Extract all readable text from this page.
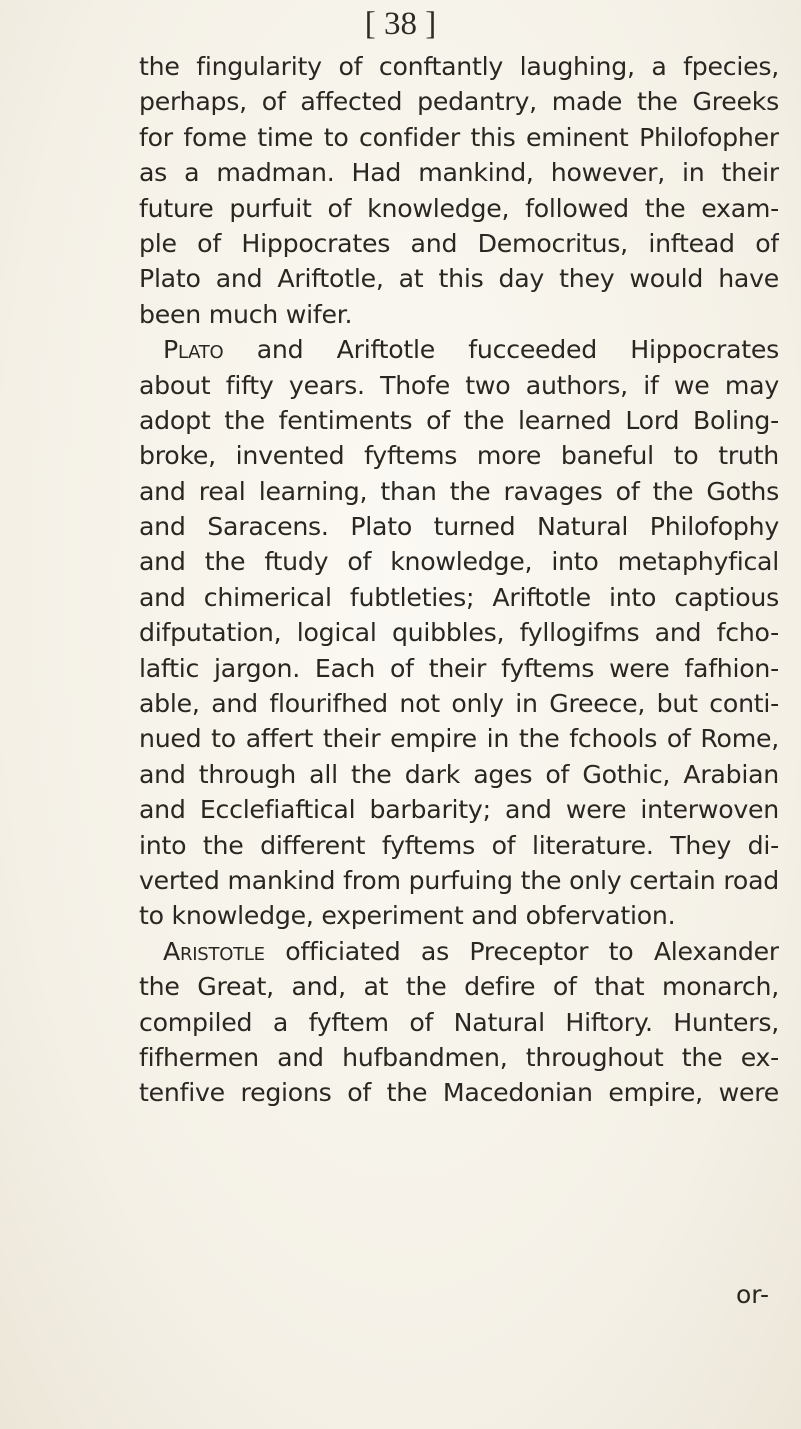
[ 38 ]
the fingularity of conftantly laughing, a fpecies,
perhaps, of affected pedantry, made the Greeks
for fome time to confider this eminent Philofopher
as a madman. Had mankind, however, in their
future purfuit of knowledge, followed the exam-
ple of Hippocrates and Democritus, inftead of
Plato and Ariftotle, at this day they would have
been much wifer.
Plato and Ariftotle fucceeded Hippocrates
about fifty years. Thofe two authors, if we may
adopt the fentiments of the learned Lord Boling-
broke, invented fyftems more baneful to truth
and real learning, than the ravages of the Goths
and Saracens. Plato turned Natural Philofophy
and the ftudy of knowledge, into metaphyfical
and chimerical fubtleties; Ariftotle into captious
difputation, logical quibbles, fyllogifms and fcho-
laftic jargon. Each of their fyftems were fafhion-
able, and flourifhed not only in Greece, but conti-
nued to affert their empire in the fchools of Rome,
and through all the dark ages of Gothic, Arabian
and Ecclefiaftical barbarity; and were interwoven
into the different fyftems of literature. They di-
verted mankind from purfuing the only certain road
to knowledge, experiment and obfervation.
Aristotle officiated as Preceptor to Alexander
the Great, and, at the defire of that monarch,
compiled a fyftem of Natural Hiftory. Hunters,
fifhermen and hufbandmen, throughout the ex-
tenfive regions of the Macedonian empire, were
or-
